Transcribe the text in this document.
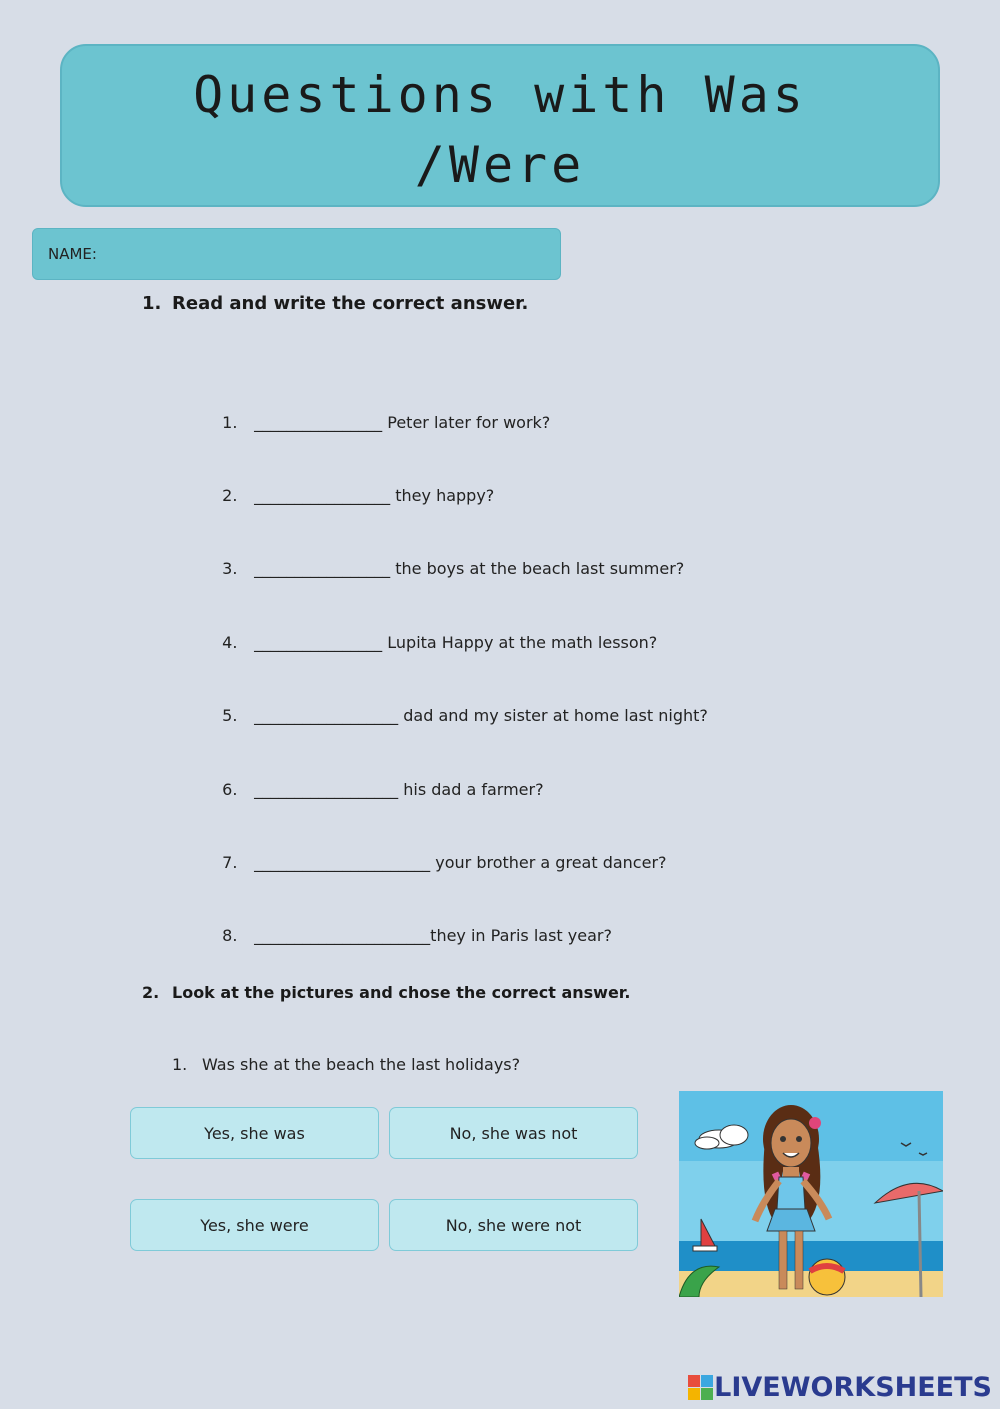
Questions with Was
/Were
NAME:
1. Read and write the correct answer.

1. ________________ Peter later for work?

2. _________________ they happy?

3. _________________ the boys at the beach last summer?

4. ________________ Lupita Happy at the math lesson?

5. __________________ dad and my sister at home last night?

6. __________________ his dad a farmer?

7. ______________________ your brother a great dancer?

8. ______________________they in Paris last year?

2. Look at the pictures and chose the correct answer.
1. Was she at the beach the last holidays?
Yes, she was	No, she was not
Yes, she were	No, she were not
LIVEWORKSHEETS
